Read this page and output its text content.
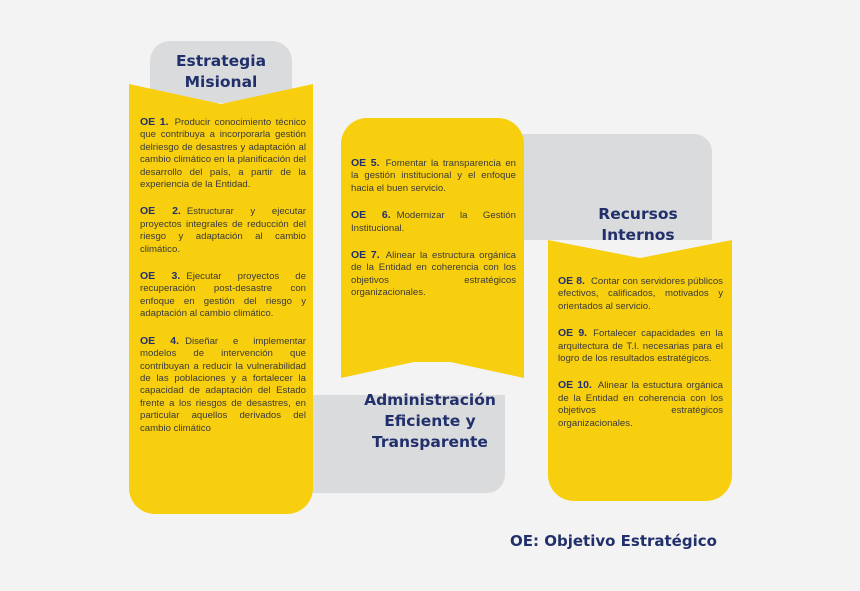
Estrategia
Misional

OE 1. Producir conocimiento técnico que contribuya a incorporarla gestión delriesgo de desastres y adaptación al cambio climático en la planificación del desarrollo del país, a partir de la experiencia de la Entidad.

OE 2. Estructurar y ejecutar proyectos integrales de reducción del riesgo y adaptación al cambio climático.

OE 3. Ejecutar proyectos de recuperación post-desastre con enfoque en gestión del riesgo y adaptación al cambio climático.

OE 4. Diseñar e implementar modelos de intervención que contribuyan a reducir la vulnerabilidad de las poblaciones y a fortalecer la capacidad de adaptación del Estado frente a los riesgos de desastres, en particular aquellos derivados del cambio climático

Administración
Eficiente y
Transparente

OE 5. Fomentar la transparencia en la gestión institucional y el enfoque hacia el buen servicio.

OE 6. Modernizar la Gestión Institucional.

OE 7. Alinear la estructura orgánica de la Entidad en coherencia con los objetivos estratégicos organizacionales.

Recursos
Internos

OE 8. Contar con servidores públicos efectivos, calificados, motivados y orientados al servicio.

OE 9. Fortalecer capacidades en la arquitectura de T.I. necesarias para el logro de los resultados estratégicos.

OE 10. Alinear la estuctura orgánica de la Entidad en coherencia con los objetivos estratégicos organizacionales.

OE: Objetivo Estratégico
